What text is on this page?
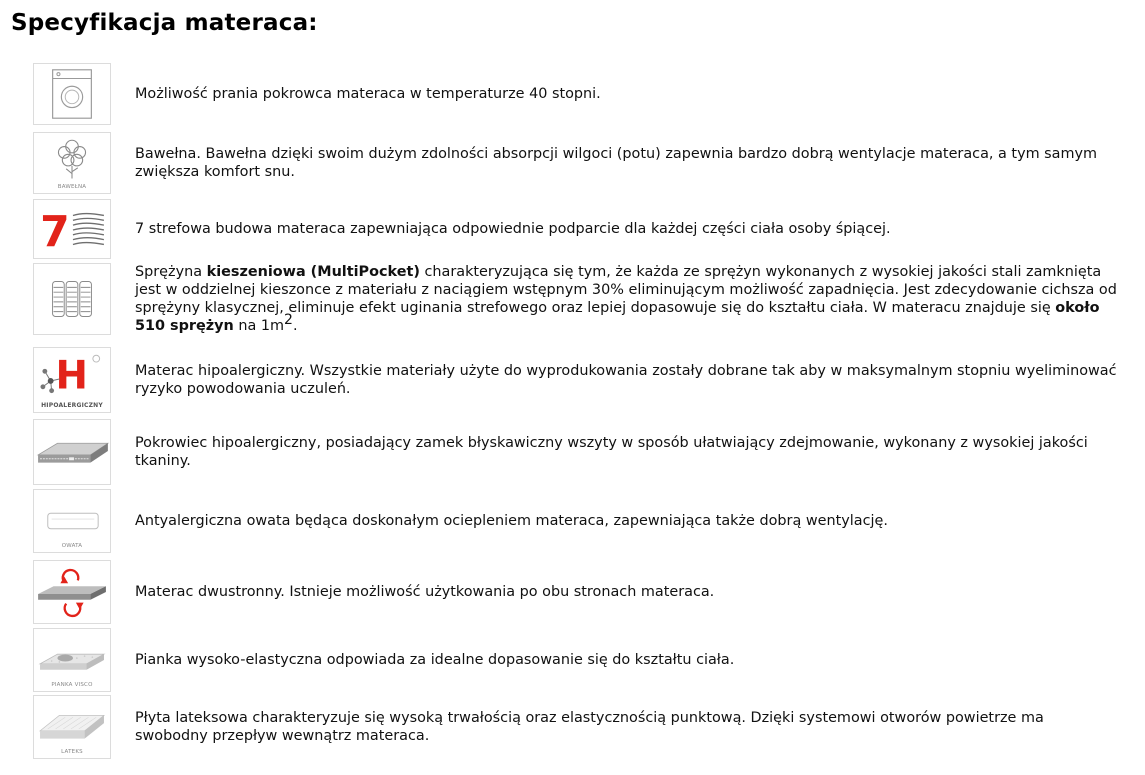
Specyfikacja materaca:
Możliwość prania pokrowca materaca w temperaturze 40 stopni.
BAWEŁNA
Bawełna. Bawełna dzięki swoim dużym zdolności absorpcji wilgoci (potu) zapewnia bardzo dobrą wentylacje materaca, a tym samym zwiększa komfort snu.
7	7 strefowa budowa materaca zapewniająca odpowiednie podparcie dla każdej części ciała osoby śpiącej.
Sprężyna kieszeniowa (MultiPocket) charakteryzująca się tym, że każda ze sprężyn wykonanych z wysokiej jakości stali zamknięta jest w oddzielnej kieszonce z materiału z naciągiem wstępnym 30% eliminującym możliwość zapadnięcia. Jest zdecydowanie cichsza od sprężyny klasycznej, eliminuje efekt uginania strefowego oraz lepiej dopasowuje się do kształtu ciała. W materacu znajduje się około 510 sprężyn na $1m^2$.
H
HIPOALERGICZNY
Materac hipoalergiczny. Wszystkie materiały użyte do wyprodukowania zostały dobrane tak aby w maksymalnym stopniu wyeliminować ryzyko powodowania uczuleń.
Pokrowiec hipoalergiczny, posiadający zamek błyskawiczny wszyty w sposób ułatwiający zdejmowanie, wykonany z wysokiej jakości tkaniny.
OWATA
Antyalergiczna owata będąca doskonałym ociepleniem materaca, zapewniająca także dobrą wentylację.
Materac dwustronny. Istnieje możliwość użytkowania po obu stronach materaca.
PIANKA VISCO
Pianka wysoko-elastyczna odpowiada za idealne dopasowanie się do kształtu ciała.
LATEKS
Płyta lateksowa charakteryzuje się wysoką trwałością oraz elastycznością punktową. Dzięki systemowi otworów powietrze ma swobodny przepływ wewnątrz materaca.
